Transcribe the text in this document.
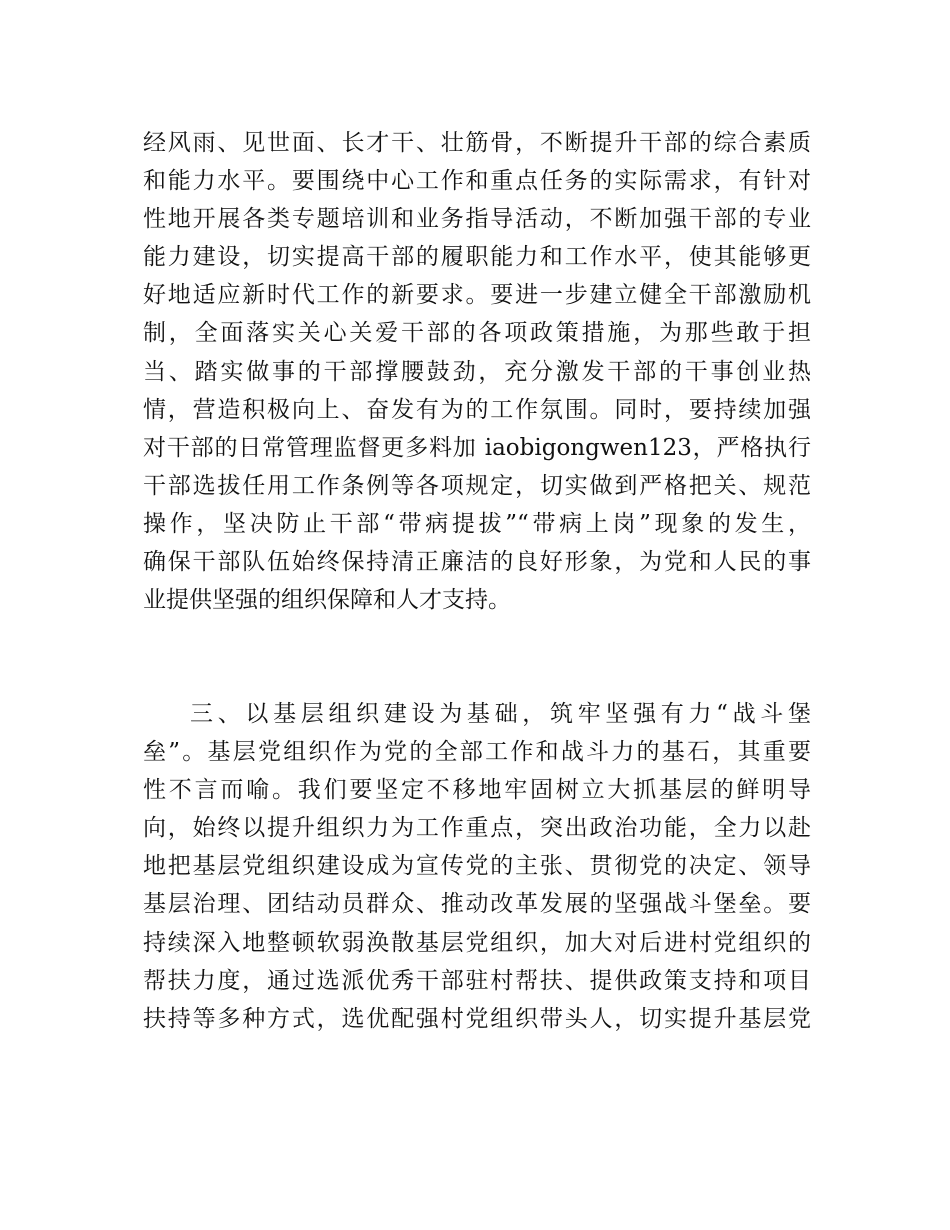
经风雨、见世面、长才干、壮筋骨，不断提升干部的综合素质
和能力水平。要围绕中心工作和重点任务的实际需求，有针对
性地开展各类专题培训和业务指导活动，不断加强干部的专业
能力建设，切实提高干部的履职能力和工作水平，使其能够更
好地适应新时代工作的新要求。要进一步建立健全干部激励机
制，全面落实关心关爱干部的各项政策措施，为那些敢于担
当、踏实做事的干部撑腰鼓劲，充分激发干部的干事创业热
情，营造积极向上、奋发有为的工作氛围。同时，要持续加强
对干部的日常管理监督更多料加 iaobigongwen123，严格执行
干部选拔任用工作条例等各项规定，切实做到严格把关、规范
操作，坚决防止干部“带病提拔”“带病上岗”现象的发生，
确保干部队伍始终保持清正廉洁的良好形象，为党和人民的事
业提供坚强的组织保障和人才支持。
三、以基层组织建设为基础，筑牢坚强有力“战斗堡
垒”。基层党组织作为党的全部工作和战斗力的基石，其重要
性不言而喻。我们要坚定不移地牢固树立大抓基层的鲜明导
向，始终以提升组织力为工作重点，突出政治功能，全力以赴
地把基层党组织建设成为宣传党的主张、贯彻党的决定、领导
基层治理、团结动员群众、推动改革发展的坚强战斗堡垒。要
持续深入地整顿软弱涣散基层党组织，加大对后进村党组织的
帮扶力度，通过选派优秀干部驻村帮扶、提供政策支持和项目
扶持等多种方式，选优配强村党组织带头人，切实提升基层党
